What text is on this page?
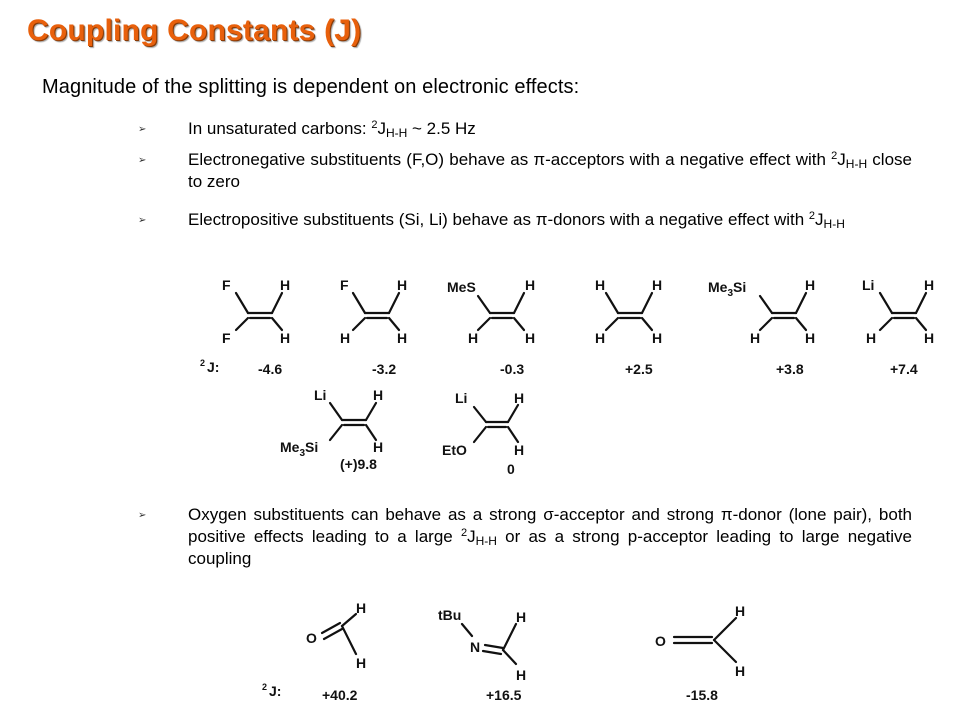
Coupling Constants (J)
Magnitude of the splitting is dependent on electronic effects:
➢ In unsaturated carbons: $^2J_{H-H}$ ~ 2.5 Hz

➢ Electronegative substituents (F,O) behave as π-acceptors with a negative effect with $^2J_{H-H}$ close to zero

➢ Electropositive substituents (Si, Li) behave as π-donors with a negative effect with $^2J_{H-H}$

➢ Oxygen substituents can behave as a strong σ-acceptor and strong π-donor (lone pair), both positive effects leading to a large $^2J_{H-H}$ or as a strong p-acceptor leading to large negative coupling

2 J:
F	H
F	H
-4.6
F	H
H	H
-3.2
MeS	H
H	H
-0.3
H	H
H	H
+2.5
$Me_3Si$	H
H	H
+3.8
Li	H
H	H
+7.4
Li	H
$Me_3Si$	H
(+)9.8
Li	H
EtO	H
0
2 J:
O
H
H
+40.2
tBu
N
H
H
+16.5
O
H
H
-15.8
